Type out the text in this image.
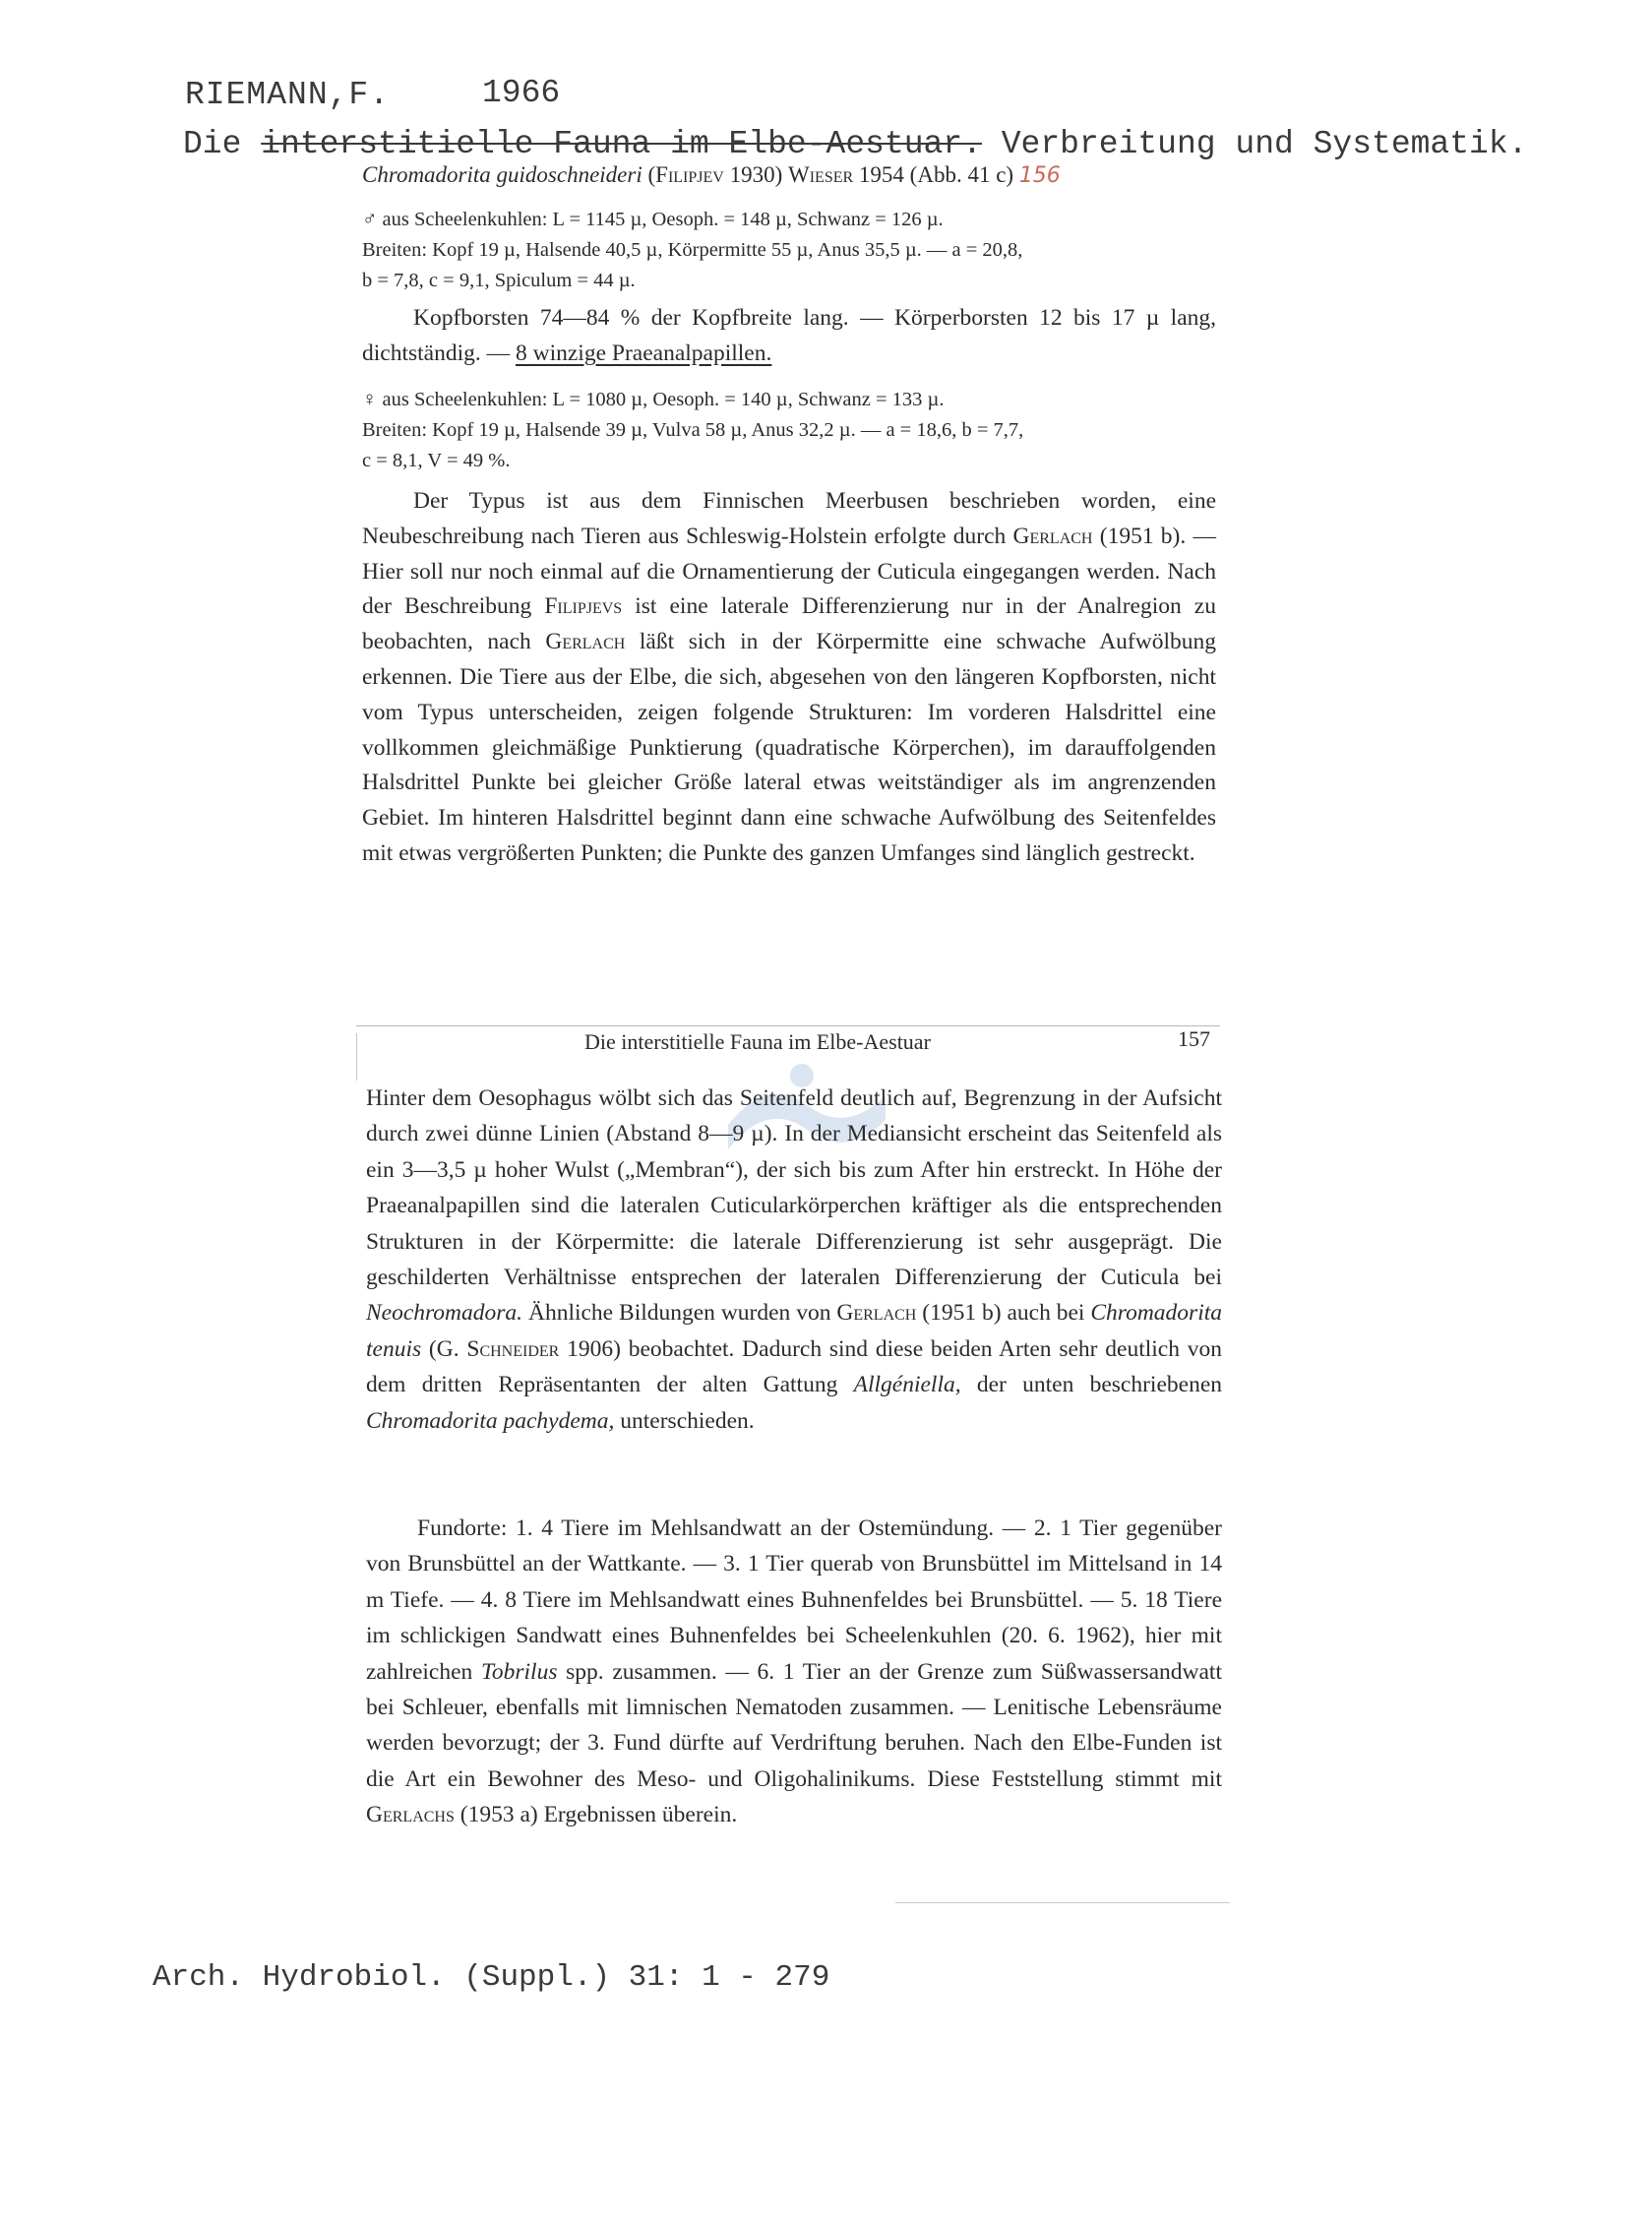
RIEMANN,F.	1966
Die interstitielle Fauna im Elbe-Aestuar. Verbreitung und Systematik.

Chromadorita guidoschneideri (Filipjev 1930) Wieser 1954 (Abb. 41 c) 156

♂ aus Scheelenkuhlen: L = 1145 µ, Oesoph. = 148 µ, Schwanz = 126 µ.
Breiten: Kopf 19 µ, Halsende 40,5 µ, Körpermitte 55 µ, Anus 35,5 µ. — a = 20,8,
b = 7,8, c = 9,1, Spiculum = 44 µ.
Kopfborsten 74—84 % der Kopfbreite lang. — Körperborsten 12 bis 17 µ lang, dichtständig. — 8 winzige Praeanalpapillen.
♀ aus Scheelenkuhlen: L = 1080 µ, Oesoph. = 140 µ, Schwanz = 133 µ.
Breiten: Kopf 19 µ, Halsende 39 µ, Vulva 58 µ, Anus 32,2 µ. — a = 18,6, b = 7,7,
c = 8,1, V = 49 %.
Der Typus ist aus dem Finnischen Meerbusen beschrieben worden, eine Neubeschreibung nach Tieren aus Schleswig-Holstein erfolgte durch Gerlach (1951 b). — Hier soll nur noch einmal auf die Ornamentierung der Cuticula eingegangen werden. Nach der Beschreibung Filipjevs ist eine laterale Differenzierung nur in der Analregion zu beobachten, nach Gerlach läßt sich in der Körpermitte eine schwache Aufwölbung erkennen. Die Tiere aus der Elbe, die sich, abgesehen von den längeren Kopfborsten, nicht vom Typus unterscheiden, zeigen folgende Strukturen: Im vorderen Halsdrittel eine vollkommen gleichmäßige Punktierung (quadratische Körperchen), im darauffolgenden Halsdrittel Punkte bei gleicher Größe lateral etwas weitständiger als im angrenzenden Gebiet. Im hinteren Halsdrittel beginnt dann eine schwache Aufwölbung des Seitenfeldes mit etwas vergrößerten Punkten; die Punkte des ganzen Umfanges sind länglich gestreckt.
Die interstitielle Fauna im Elbe-Aestuar	157
Hinter dem Oesophagus wölbt sich das Seitenfeld deutlich auf, Begrenzung in der Aufsicht durch zwei dünne Linien (Abstand 8—9 µ). In der Mediansicht erscheint das Seitenfeld als ein 3—3,5 µ hoher Wulst („Membran“), der sich bis zum After hin erstreckt. In Höhe der Praeanalpapillen sind die lateralen Cuticularkörperchen kräftiger als die entsprechenden Strukturen in der Körpermitte: die laterale Differenzierung ist sehr ausgeprägt. Die geschilderten Verhältnisse entsprechen der lateralen Differenzierung der Cuticula bei Neochromadora. Ähnliche Bildungen wurden von Gerlach (1951 b) auch bei Chromadorita tenuis (G. Schneider 1906) beobachtet. Dadurch sind diese beiden Arten sehr deutlich von dem dritten Repräsentanten der alten Gattung Allgéniella, der unten beschriebenen Chromadorita pachydema, unterschieden.
Fundorte: 1. 4 Tiere im Mehlsandwatt an der Ostemündung. — 2. 1 Tier gegenüber von Brunsbüttel an der Wattkante. — 3. 1 Tier querab von Brunsbüttel im Mittelsand in 14 m Tiefe. — 4. 8 Tiere im Mehlsandwatt eines Buhnenfeldes bei Brunsbüttel. — 5. 18 Tiere im schlickigen Sandwatt eines Buhnenfeldes bei Scheelenkuhlen (20. 6. 1962), hier mit zahlreichen Tobrilus spp. zusammen. — 6. 1 Tier an der Grenze zum Süßwassersandwatt bei Schleuer, ebenfalls mit limnischen Nematoden zusammen. — Lenitische Lebensräume werden bevorzugt; der 3. Fund dürfte auf Verdriftung beruhen. Nach den Elbe-Funden ist die Art ein Bewohner des Meso- und Oligohalinikums. Diese Feststellung stimmt mit Gerlachs (1953 a) Ergebnissen überein.
Arch. Hydrobiol. (Suppl.) 31: 1 - 279
